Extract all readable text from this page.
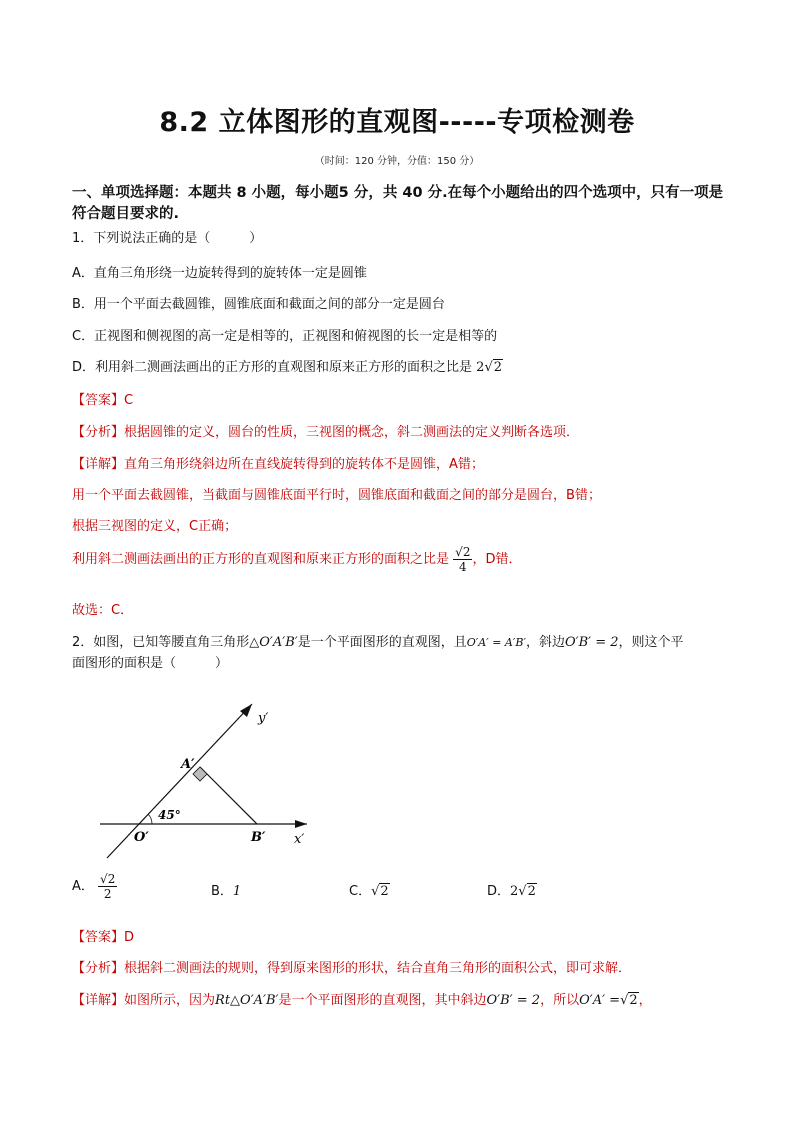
8.2 立体图形的直观图-----专项检测卷
（时间：120 分钟，分值：150 分）
一、单项选择题：本题共 8 小题，每小题5 分，共 40 分.在每个小题给出的四个选项中，只有一项是符合题目要求的.
1．下列说法正确的是（　　　）
A．直角三角形绕一边旋转得到的旋转体一定是圆锥
B．用一个平面去截圆锥，圆锥底面和截面之间的部分一定是圆台
C．正视图和侧视图的高一定是相等的，正视图和俯视图的长一定是相等的
D．利用斜二测画法画出的正方形的直观图和原来正方形的面积之比是 2√2
【答案】C
【分析】根据圆锥的定义，圆台的性质，三视图的概念，斜二测画法的定义判断各选项．
【详解】直角三角形绕斜边所在直线旋转得到的旋转体不是圆锥，A错；
用一个平面去截圆锥，当截面与圆锥底面平行时，圆锥底面和截面之间的部分是圆台，B错；
根据三视图的定义，C正确；
利用斜二测画法画出的正方形的直观图和原来正方形的面积之比是 $\frac{√2}{4}$ ，D错．
故选：C．
2．如图，已知等腰直角三角形△O′A′B′是一个平面图形的直观图，且O′A′ = A′B′，斜边O′B′ = 2，则这个平
面图形的面积是（　　　）
y′
A′
45°
O′	B′ x′
A． $\frac{√2}{2}$	B．1	C．√2	D．2√2
【答案】D
【分析】根据斜二测画法的规则，得到原来图形的形状，结合直角三角形的面积公式，即可求解．
【详解】如图所示，因为Rt△O′A′B′是一个平面图形的直观图，其中斜边O′B′ = 2，所以O′A′ =√2，
